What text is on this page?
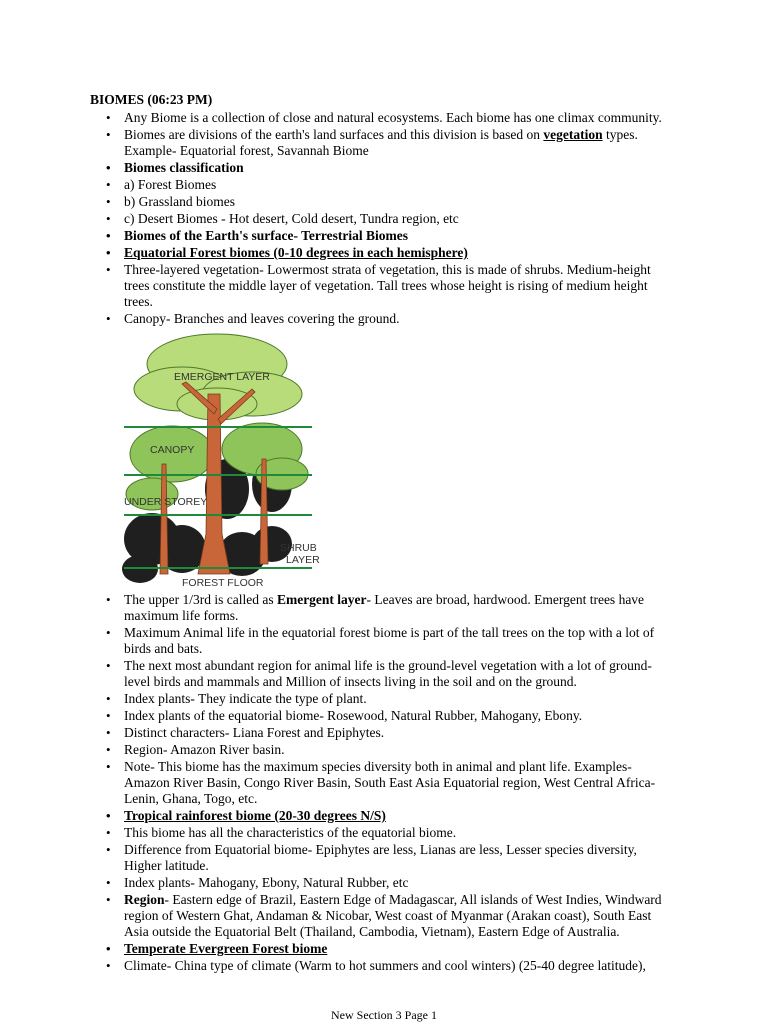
BIOMES (06:23 PM)
• Any Biome is a collection of close and natural ecosystems. Each biome has one climax community.
• Biomes are divisions of the earth's land surfaces and this division is based on vegetation types. Example- Equatorial forest, Savannah Biome
• Biomes classification
• a) Forest Biomes
• b) Grassland biomes
• c) Desert Biomes - Hot desert, Cold desert, Tundra region, etc
• Biomes of the Earth's surface- Terrestrial Biomes
• Equatorial Forest biomes (0-10 degrees in each hemisphere)
• Three-layered vegetation- Lowermost strata of vegetation, this is made of shrubs. Medium-height trees constitute the middle layer of vegetation. Tall trees whose height is rising of medium height trees.
• Canopy- Branches and leaves covering the ground.
EMERGENT LAYER
CANOPY
UNDER STOREY
SHRUB
LAYER
FOREST FLOOR
• The upper 1/3rd is called as Emergent layer- Leaves are broad, hardwood. Emergent trees have maximum life forms.
• Maximum Animal life in the equatorial forest biome is part of the tall trees on the top with a lot of birds and bats.
• The next most abundant region for animal life is the ground-level vegetation with a lot of ground-level birds and mammals and Million of insects living in the soil and on the ground.
• Index plants- They indicate the type of plant.
• Index plants of the equatorial biome- Rosewood, Natural Rubber, Mahogany, Ebony.
• Distinct characters- Liana Forest and Epiphytes.
• Region- Amazon River basin.
• Note- This biome has the maximum species diversity both in animal and plant life. Examples- Amazon River Basin, Congo River Basin, South East Asia Equatorial region, West Central Africa- Lenin, Ghana, Togo, etc.
• Tropical rainforest biome (20-30 degrees N/S)
• This biome has all the characteristics of the equatorial biome.
• Difference from Equatorial biome- Epiphytes are less, Lianas are less, Lesser species diversity, Higher latitude.
• Index plants- Mahogany, Ebony, Natural Rubber, etc
• Region- Eastern edge of Brazil, Eastern Edge of Madagascar, All islands of West Indies, Windward region of Western Ghat, Andaman & Nicobar, West coast of Myanmar (Arakan coast), South East Asia outside the Equatorial Belt (Thailand, Cambodia, Vietnam), Eastern Edge of Australia.
• Temperate Evergreen Forest biome
• Climate- China type of climate (Warm to hot summers and cool winters) (25-40 degree latitude),
New Section 3 Page 1
